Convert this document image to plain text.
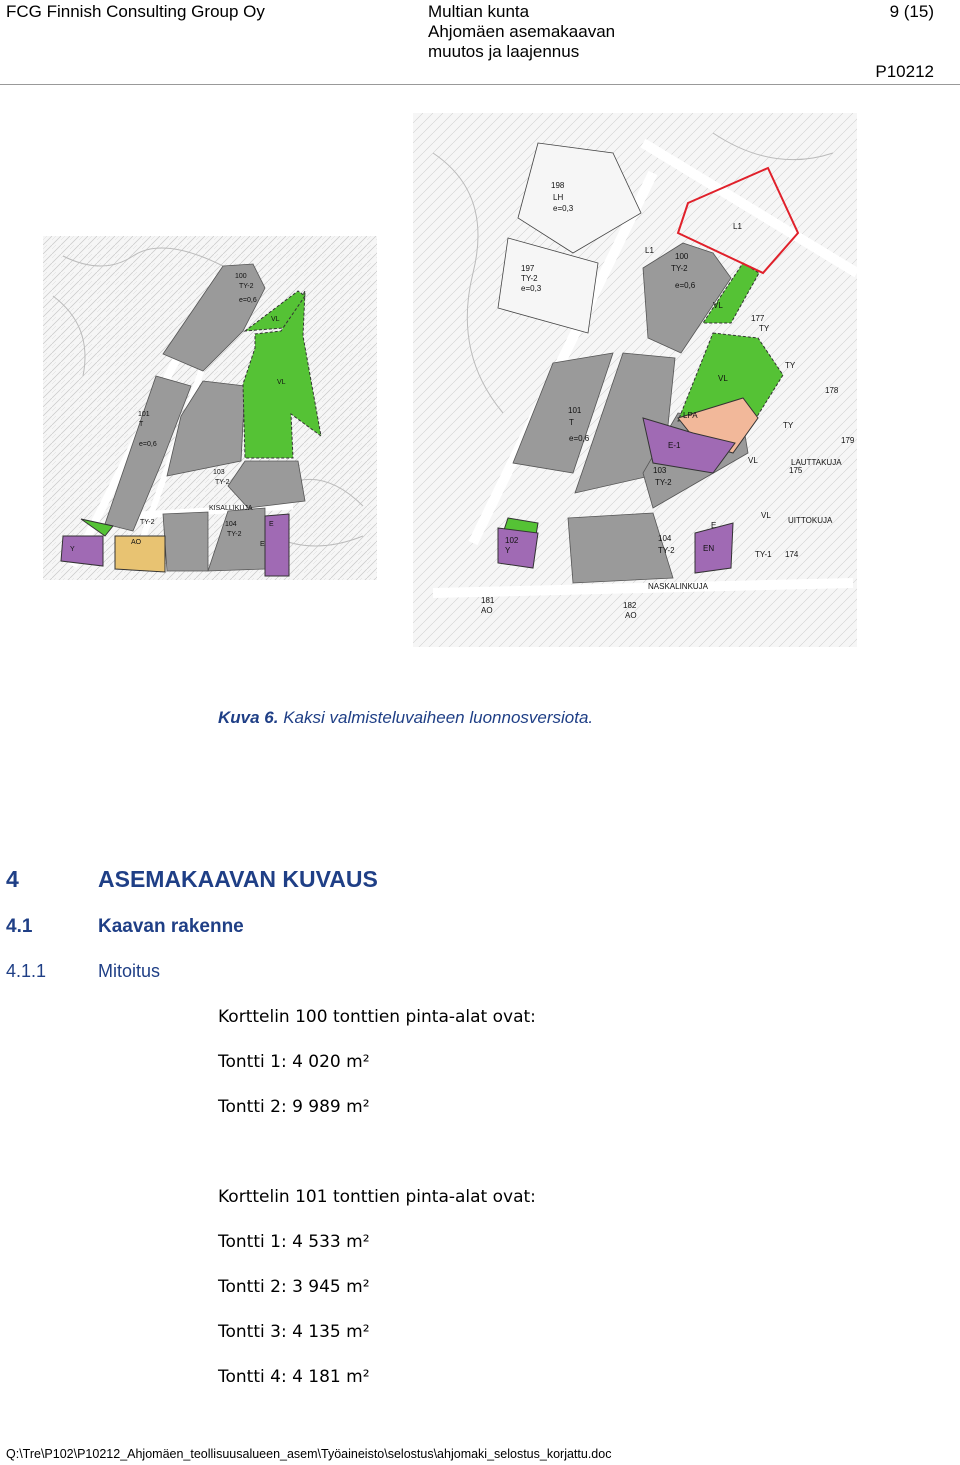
FCG Finnish Consulting Group Oy	Multian kunta
Ahjomäen asemakaavan
muutos ja laajennus
9 (15)
P10212
100
TY-2
e=0,6
VL
VL
101
T
e=0,6
103
TY-2
TY-2	104
TY-2
E
E
AO
Y
KISALLIKUJA
198
LH
e=0,3
197
TY-2
e=0,3
L1
L1
100
TY-2
e=0,6
VL
177
TY
TY
178
VL
LPA
E-1
101
T
e=0,6
103
TY-2
104
TY-2
E
EN
102
Y
TY
179
175
VL
VL
TY-1 174
181
AO
182
AO
NASKALINKUJA
LAUTTAKUJA
UITTOKUJA
Kuva 6. Kaksi valmisteluvaiheen luonnosversiota.
4	ASEMAKAAVAN KUVAUS
4.1	Kaavan rakenne
4.1.1	Mitoitus
Korttelin 100 tonttien pinta-alat ovat:
Tontti 1: 4 020 m²
Tontti 2: 9 989 m²
Korttelin 101 tonttien pinta-alat ovat:
Tontti 1: 4 533 m²
Tontti 2: 3 945 m²
Tontti 3: 4 135 m²
Tontti 4: 4 181 m²
Q:\Tre\P102\P10212_Ahjomäen_teollisuusalueen_asem\Työaineisto\selostus\ahjomaki_selostus_korjattu.doc
